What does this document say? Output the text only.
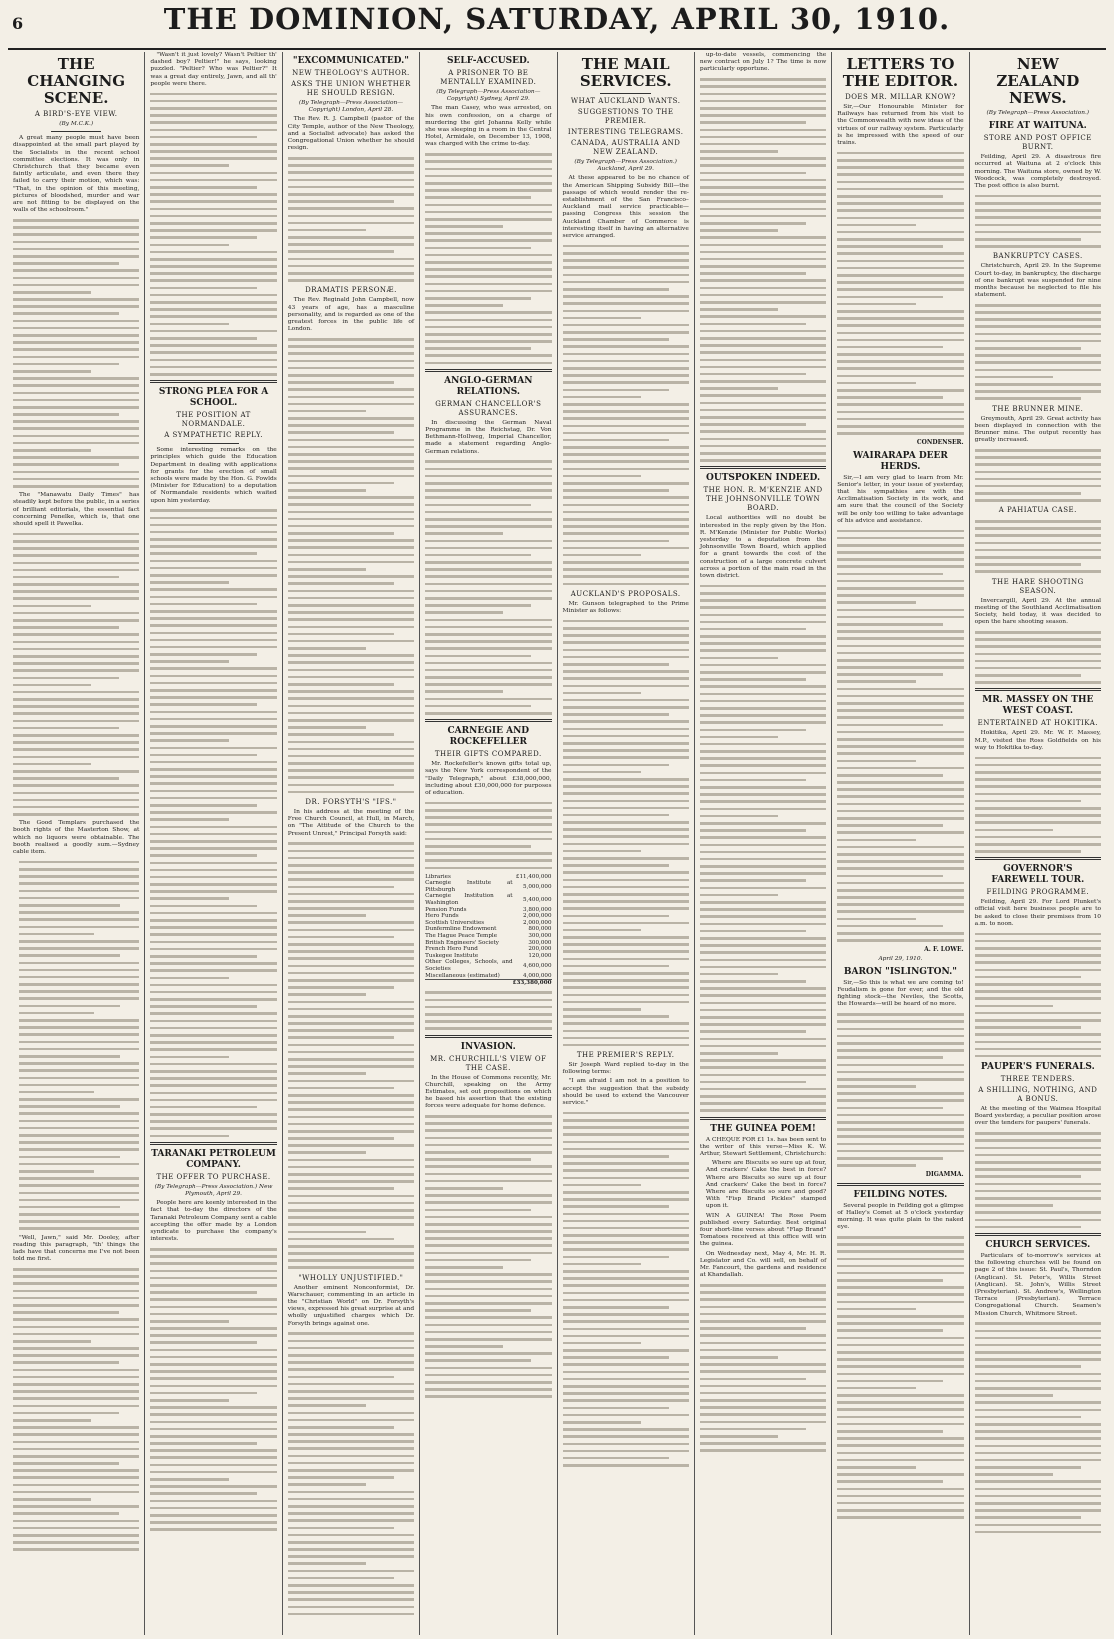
6	THE DOMINION, SATURDAY, APRIL 30, 1910.
THE CHANGING SCENE.
A BIRD'S-EYE VIEW.
(By M.C.K.)

A great many people must have been disappointed at the small part played by the Socialists in the recent school committee elections. It was only in Christchurch that they became even faintly articulate, and even there they failed to carry their motion, which was: "That, in the opinion of this meeting, pictures of bloodshed, murder and war are not fitting to be displayed on the walls of the schoolroom."

The "Manawatu Daily Times" has steadily kept before the public, in a series of brilliant editorials, the essential fact concerning Penelke, which is, that one should spell it Pawelka.

The Good Templars purchased the booth rights of the Masterton Show, at which no liquors were obtainable. The booth realised a goodly sum.—Sydney cable item.

"Well, Jawn," said Mr. Dooley, after reading this paragraph, "th' things the lads have that concerns me I've not been told me first.

"Wasn't it just lovely? Wasn't Peltier th' dashed boy? Peltier!" he says, looking puzzled. "Peltier? Who was Peltier?" It was a great day entirely, Jawn, and all th' people were there.

STRONG PLEA FOR A SCHOOL.
THE POSITION AT NORMANDALE.
A SYMPATHETIC REPLY.

Some interesting remarks on the principles which guide the Education Department in dealing with applications for grants for the erection of small schools were made by the Hon. G. Fowlds (Minister for Education) to a deputation of Normandale residents which waited upon him yesterday.

TARANAKI PETROLEUM COMPANY.
THE OFFER TO PURCHASE.
(By Telegraph—Press Association.) New Plymouth, April 29.

People here are keenly interested in the fact that to-day the directors of the Taranaki Petroleum Company sent a cable accepting the offer made by a London syndicate to purchase the company's interests.

"EXCOMMUNICATED."
NEW THEOLOGY'S AUTHOR.
ASKS THE UNION WHETHER HE SHOULD RESIGN.
(By Telegraph—Press Association—Copyright) London, April 28.

The Rev. R. J. Campbell (pastor of the City Temple, author of the New Theology, and a Socialist advocate) has asked the Congregational Union whether he should resign.

DRAMATIS PERSONÆ.

The Rev. Reginald John Campbell, now 43 years of age, has a masculine personality, and is regarded as one of the greatest forces in the public life of London.

DR. FORSYTH'S "IFS."

In his address at the meeting of the Free Church Council, at Hull, in March, on "The Attitude of the Church to the Present Unrest," Principal Forsyth said:

"WHOLLY UNJUSTIFIED."

Another eminent Nonconformist, Dr. Warschauer, commenting in an article in the "Christian World" on Dr. Forsyth's views, expressed his great surprise at and wholly unjustified charges which Dr. Forsyth brings against one.

SELF-ACCUSED.
A PRISONER TO BE MENTALLY EXAMINED.
(By Telegraph—Press Association—Copyright) Sydney, April 29.

The man Casey, who was arrested, on his own confession, on a charge of murdering the girl Johanna Kelly while she was sleeping in a room in the Central Hotel, Armidale, on December 13, 1908, was charged with the crime to-day.

ANGLO-GERMAN RELATIONS.
GERMAN CHANCELLOR'S ASSURANCES.

In discussing the German Naval Programme in the Reichstag, Dr. Von Bethmann-Hollweg, Imperial Chancellor, made a statement regarding Anglo-German relations.

CARNEGIE AND ROCKEFELLER
THEIR GIFTS COMPARED.

Mr. Rockefeller's known gifts total up, says the New York correspondent of the "Daily Telegraph," about £38,000,000, including about £30,000,000 for purposes of education.

Libraries	£11,400,000
Carnegie Institute at Pittsburgh	5,000,000
Carnegie Institution at Washington	5,400,000
Pension Funds	3,800,000
Hero Funds	2,000,000
Scottish Universities	2,000,000
Dunfermline Endowment	800,000
The Hague Peace Temple	300,000
British Engineers' Society	300,000
French Hero Fund	200,000
Tuskegee Institute	120,000
Other Colleges, Schools, and Societies	4,600,000
Miscellaneous (estimated)	4,000,000
	£33,380,000
INVASION.
MR. CHURCHILL'S VIEW OF THE CASE.

In the House of Commons recently, Mr. Churchill, speaking on the Army Estimates, set out propositions on which he based his assertion that the existing forces were adequate for home defence.

THE MAIL SERVICES.
WHAT AUCKLAND WANTS.
SUGGESTIONS TO THE PREMIER.
INTERESTING TELEGRAMS.
CANADA, AUSTRALIA AND NEW ZEALAND.
(By Telegraph—Press Association.) Auckland, April 29.

At these appeared to be no chance of the American Shipping Subsidy Bill—the passage of which would render the re-establishment of the San Francisco–Auckland mail service practicable—passing Congress this session the Auckland Chamber of Commerce is interesting itself in having an alternative service arranged.

AUCKLAND'S PROPOSALS.

Mr. Gunson telegraphed to the Prime Minister as follows:

THE PREMIER'S REPLY.

Sir Joseph Ward replied to-day in the following terms:

"I am afraid I am not in a position to accept the suggestion that the subsidy should be used to extend the Vancouver service."

up-to-date vessels, commencing the new contract on July 1? The time is now particularly opportune.

OUTSPOKEN INDEED.
THE HON. R. M'KENZIE AND THE JOHNSONVILLE TOWN BOARD.

Local authorities will no doubt be interested in the reply given by the Hon. R. M'Kenzie (Minister for Public Works) yesterday to a deputation from the Johnsonville Town Board, which applied for a grant towards the cost of the construction of a large concrete culvert across a portion of the main road in the town district.

THE GUINEA POEM!

A CHEQUE FOR £1 1s. has been sent to the writer of this verse—Miss K. W. Arthur, Stewart Settlement, Christchurch:

Where are Biscuits so sure up at four, And crackers' Cake the best in force? Where are Biscuits so sure up at four And crackers' Cake the best in force? Where are Biscuits so sure and good? With "Fisp Brand Pickles" stamped upon it.

WIN A GUINEA! The Rose Poem published every Saturday. Best original four short-line verses about "Flap Brand" Tomatoes received at this office will win the guinea.

On Wednesday next, May 4, Mr. H. R. Legislator and Co. will sell, on behalf of Mr. Fancourt, the gardens and residence at Khandallah.

LETTERS TO THE EDITOR.
DOES MR. MILLAR KNOW?

Sir,—Our Honourable Minister for Railways has returned from his visit to the Commonwealth with new ideas of the virtues of our railway system. Particularly is he impressed with the speed of our trains.

CONDENSER.
WAIRARAPA DEER HERDS.

Sir,—I am very glad to learn from Mr. Senior's letter, in your issue of yesterday, that his sympathies are with the Acclimatisation Society in its work, and am sure that the council of the Society will be only too willing to take advantage of his advice and assistance.

A. F. LOWE.
April 29, 1910.
BARON "ISLINGTON."

Sir,—So this is what we are coming to! Feudalism is gone for ever, and the old fighting stock—the Neviles, the Scotts, the Howards—will be heard of no more.

DIGAMMA.
FEILDING NOTES.

Several people in Feilding got a glimpse of Halley's Comet at 5 o'clock yesterday morning. It was quite plain to the naked eye.

NEW ZEALAND NEWS.
(By Telegraph—Press Association.)
FIRE AT WAITUNA.
STORE AND POST OFFICE BURNT.

Feilding, April 29. A disastrous fire occurred at Waituna at 2 o'clock this morning. The Waituna store, owned by W. Woodcock, was completely destroyed. The post office is also burnt.

BANKRUPTCY CASES.

Christchurch, April 29. In the Supreme Court to-day, in bankruptcy, the discharge of one bankrupt was suspended for nine months because he neglected to file his statement.

THE BRUNNER MINE.

Greymouth, April 29. Great activity has been displayed in connection with the Brunner mine. The output recently has greatly increased.

A PAHIATUA CASE.
THE HARE SHOOTING SEASON.

Invercargill, April 29. At the annual meeting of the Southland Acclimatisation Society, held today, it was decided to open the hare shooting season.

MR. MASSEY ON THE WEST COAST.
ENTERTAINED AT HOKITIKA.

Hokitika, April 29. Mr. W. F. Massey, M.P., visited the Ross Goldfields on his way to Hokitika to-day.

GOVERNOR'S FAREWELL TOUR.
FEILDING PROGRAMME.

Feilding, April 29. For Lord Plunket's official visit here business people are to be asked to close their premises from 10 a.m. to noon.

PAUPER'S FUNERALS.
THREE TENDERS.
A SHILLING, NOTHING, AND A BONUS.

At the meeting of the Waimea Hospital Board yesterday, a peculiar position arose over the tenders for paupers' funerals.

CHURCH SERVICES.

Particulars of to-morrow's services at the following churches will be found on page 2 of this issue: St. Paul's, Thorndon (Anglican). St. Peter's, Willis Street (Anglican). St. John's, Willis Street (Presbyterian). St. Andrew's, Wellington Terrace (Presbyterian). Terrace Congregational Church. Seamen's Mission Church, Whitmore Street.
